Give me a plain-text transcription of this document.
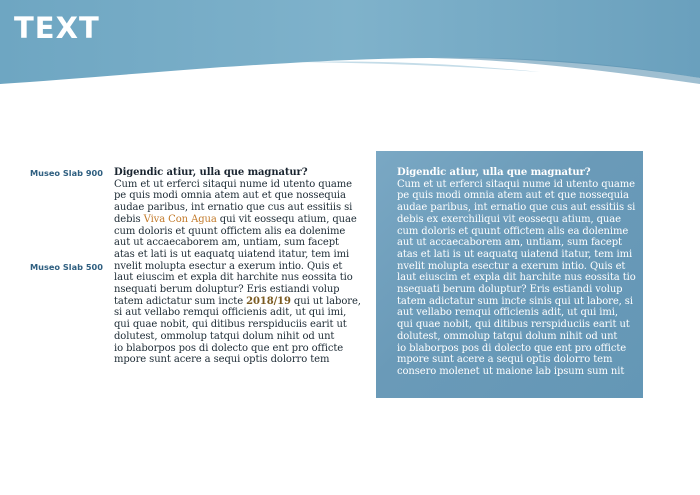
TEXT
Museo Slab 900
Museo Slab 500

Digendic atiur, ulla que magnatur?

Cum et ut erferci sitaqui nume id utento quame

pe quis modi omnia atem aut et que nossequia

audae paribus, int ernatio que cus aut essitiis si

debis Viva Con Agua qui vit eossequ atium, quae

cum doloris et quunt offictem alis ea dolenime

aut ut accaecaborem am, untiam, sum facept

atas et lati is ut eaquatq uiatend itatur, tem imi

nvelit molupta esectur a exerum intio. Quis et

laut eiuscim et expla dit harchite nus eossita tio

nsequati berum doluptur? Eris estiandi volup

tatem adictatur sum incte 2018/19 qui ut labore,

si aut vellabo remqui officienis adit, ut qui imi,

qui quae nobit, qui ditibus rerspiduciis earit ut

dolutest, ommolup tatqui dolum nihit od unt

io blaborpos pos di dolecto que ent pro officte

mpore sunt acere a sequi optis dolorro tem

Digendic atiur, ulla que magnatur?

Cum et ut erferci sitaqui nume id utento quame

pe quis modi omnia atem aut et que nossequia

audae paribus, int ernatio que cus aut essitiis si

debis ex exerchiliqui vit eossequ atium, quae

cum doloris et quunt offictem alis ea dolenime

aut ut accaecaborem am, untiam, sum facept

atas et lati is ut eaquatq uiatend itatur, tem imi

nvelit molupta esectur a exerum intio. Quis et

laut eiuscim et expla dit harchite nus eossita tio

nsequati berum doluptur? Eris estiandi volup

tatem adictatur sum incte sinis qui ut labore, si

aut vellabo remqui officienis adit, ut qui imi,

qui quae nobit, qui ditibus rerspiduciis earit ut

dolutest, ommolup tatqui dolum nihit od unt

io blaborpos pos di dolecto que ent pro officte

mpore sunt acere a sequi optis dolorro tem

consero molenet ut maione lab ipsum sum nit
